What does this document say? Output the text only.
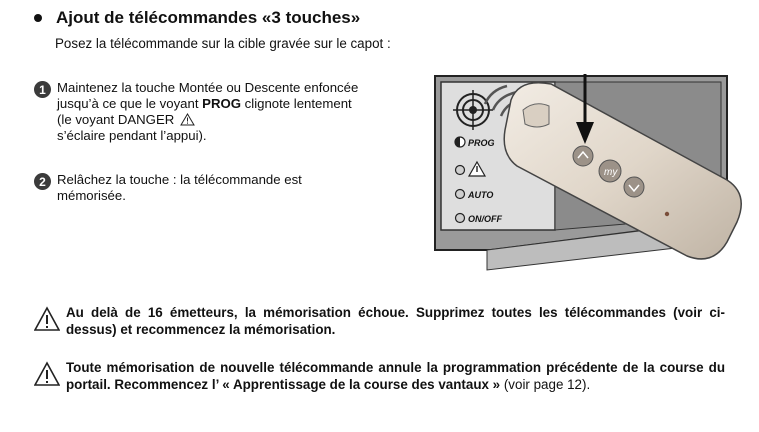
Ajout de télécommandes «3 touches»
Posez la télécommande sur la cible gravée sur le capot :
1 Maintenez la touche Montée ou Descente enfoncée jusqu’à ce que le voyant PROG clignote lentement (le voyant DANGER
s’éclaire pendant l’appui).
2 Relâchez la touche : la télécommande est mémorisée.
PROG
AUTO
ON/OFF
my
Au delà de 16 émetteurs, la mémorisation échoue. Supprimez toutes les télécommandes (voir ci-dessus) et recommencez la mémorisation.
Toute mémorisation de nouvelle télécommande annule la programmation précédente de la course du portail. Recommencez l’ « Apprentissage de la course des vantaux » (voir page 12).
